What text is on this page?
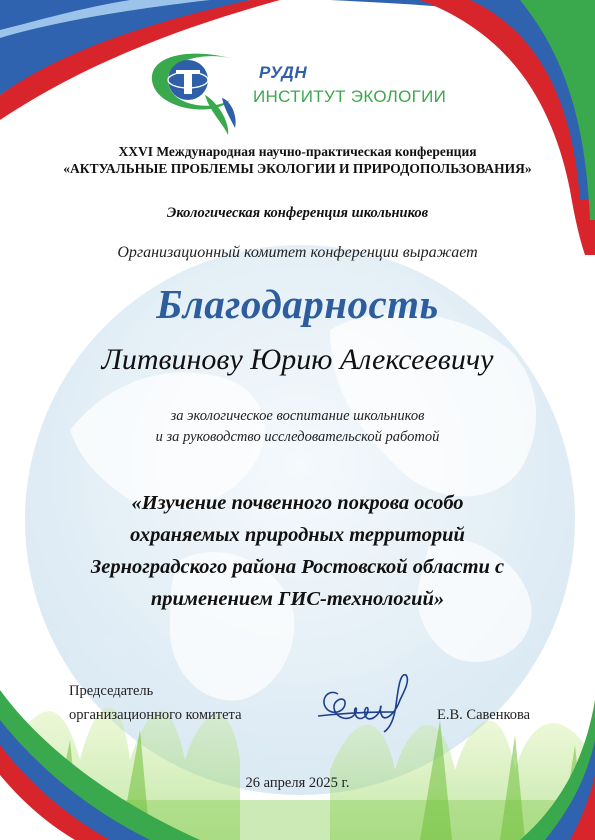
РУДН
ИНСТИТУТ ЭКОЛОГИИ
XXVI Международная научно-практическая конференция
«АКТУАЛЬНЫЕ ПРОБЛЕМЫ ЭКОЛОГИИ И ПРИРОДОПОЛЬЗОВАНИЯ»
Экологическая конференция школьников
Организационный комитет конференции выражает
Благодарность
Литвинову Юрию Алексеевичу
за экологическое воспитание школьников
и за руководство исследовательской работой
«Изучение почвенного покрова особо
охраняемых природных территорий
Зерноградского района Ростовской области с
применением ГИС-технологий»
Председатель
организационного комитета	Е.В. Савенкова
26 апреля 2025 г.
